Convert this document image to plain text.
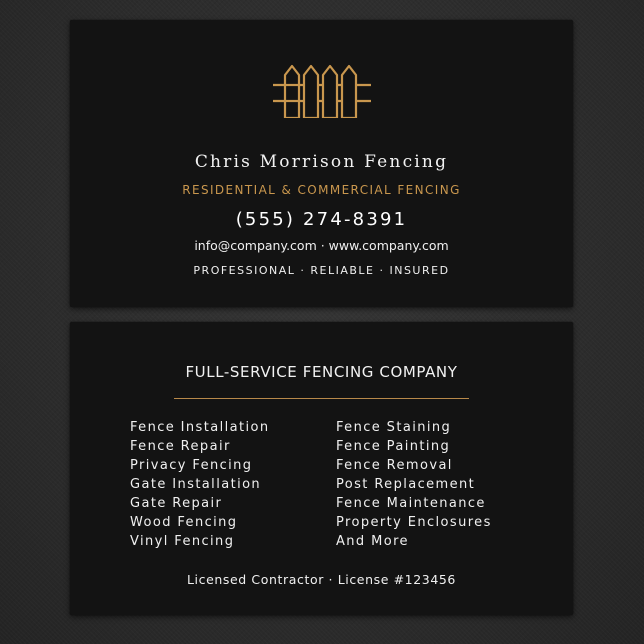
Chris Morrison Fencing
RESIDENTIAL & COMMERCIAL FENCING
(555) 274-8391
info@company.com · www.company.com
PROFESSIONAL · RELIABLE · INSURED
FULL-SERVICE FENCING COMPANY
Fence Installation
Fence Repair
Privacy Fencing
Gate Installation
Gate Repair
Wood Fencing
Vinyl Fencing
Fence Staining
Fence Painting
Fence Removal
Post Replacement
Fence Maintenance
Property Enclosures
And More
Licensed Contractor · License #123456
